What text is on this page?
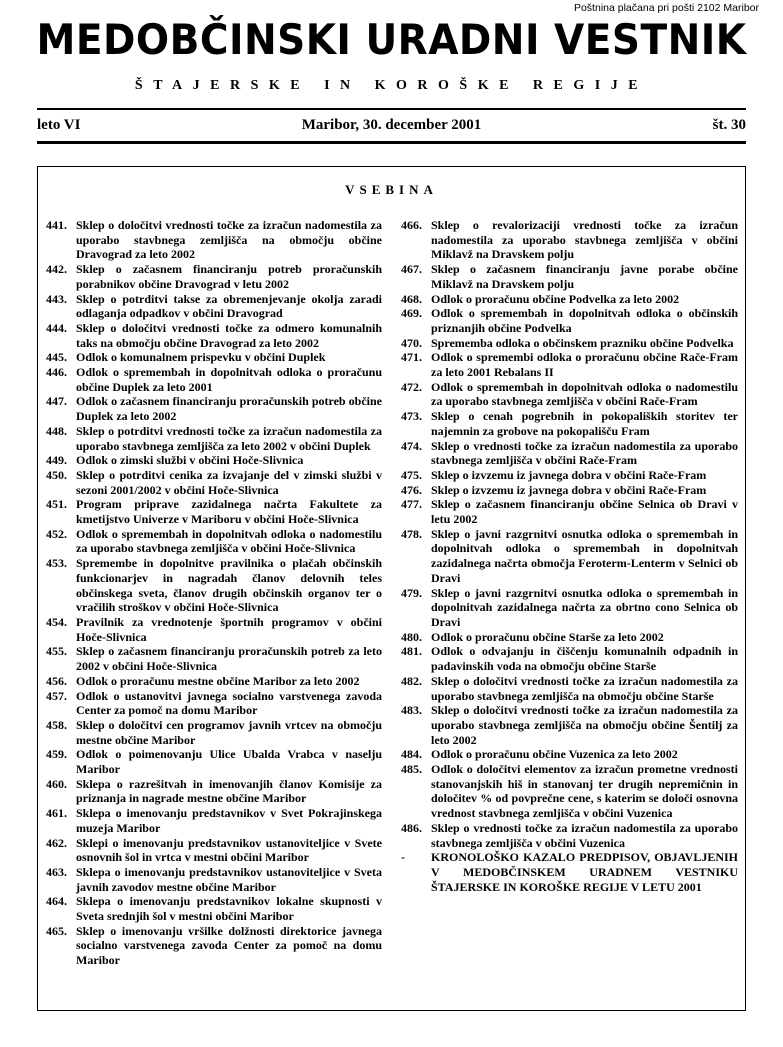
Poštnina plačana pri pošti 2102 Maribor
MEDOBČINSKI URADNI VESTNIK
ŠTAJERSKE IN KOROŠKE REGIJE
leto VI	Maribor, 30. december 2001	št. 30
VSEBINA
441. Sklep o določitvi vrednosti točke za izračun nadomestila za uporabo stavbnega zemljišča na območju občine Dravograd za leto 2002
442. Sklep o začasnem financiranju potreb proračunskih porabnikov občine Dravograd v letu 2002
443. Sklep o potrditvi takse za obremenjevanje okolja zaradi odlaganja odpadkov v občini Dravograd
444. Sklep o določitvi vrednosti točke za odmero komunalnih taks na območju občine Dravograd za leto 2002
445. Odlok o komunalnem prispevku v občini Duplek
446. Odlok o spremembah in dopolnitvah odloka o proračunu občine Duplek za leto 2001
447. Odlok o začasnem financiranju proračunskih potreb občine Duplek za leto 2002
448. Sklep o potrditvi vrednosti točke za izračun nadomestila za uporabo stavbnega zemljišča za leto 2002 v občini Duplek
449. Odlok o zimski službi v občini Hoče-Slivnica
450. Sklep o potrditvi cenika za izvajanje del v zimski službi v sezoni 2001/2002 v občini Hoče-Slivnica
451. Program priprave zazidalnega načrta Fakultete za kmetijstvo Univerze v Mariboru v občini Hoče-Slivnica
452. Odlok o spremembah in dopolnitvah odloka o nadomestilu za uporabo stavbnega zemljišča v občini Hoče-Slivnica
453. Spremembe in dopolnitve pravilnika o plačah občinskih funkcionarjev in nagradah članov delovnih teles občinskega sveta, članov drugih občinskih organov ter o vračilih stroškov v občini Hoče-Slivnica
454. Pravilnik za vrednotenje športnih programov v občini Hoče-Slivnica
455. Sklep o začasnem financiranju proračunskih potreb za leto 2002 v občini Hoče-Slivnica
456. Odlok o proračunu mestne občine Maribor za leto 2002
457. Odlok o ustanovitvi javnega socialno varstvenega zavoda Center za pomoč na domu Maribor
458. Sklep o določitvi cen programov javnih vrtcev na območju mestne občine Maribor
459. Odlok o poimenovanju Ulice Ubalda Vrabca v naselju Maribor
460. Sklepa o razrešitvah in imenovanjih članov Komisije za priznanja in nagrade mestne občine Maribor
461. Sklepa o imenovanju predstavnikov v Svet Pokrajinskega muzeja Maribor
462. Sklepi o imenovanju predstavnikov ustanoviteljice v Svete osnovnih šol in vrtca v mestni občini Maribor
463. Sklepa o imenovanju predstavnikov ustanoviteljice v Sveta javnih zavodov mestne občine Maribor
464. Sklepa o imenovanju predstavnikov lokalne skupnosti v Sveta srednjih šol v mestni občini Maribor
465. Sklep o imenovanju vršilke dolžnosti direktorice javnega socialno varstvenega zavoda Center za pomoč na domu Maribor
466. Sklep o revalorizaciji vrednosti točke za izračun nadomestila za uporabo stavbnega zemljišča v občini Miklavž na Dravskem polju
467. Sklep o začasnem financiranju javne porabe občine Miklavž na Dravskem polju
468. Odlok o proračunu občine Podvelka za leto 2002
469. Odlok o spremembah in dopolnitvah odloka o občinskih priznanjih občine Podvelka
470. Sprememba odloka o občinskem prazniku občine Podvelka
471. Odlok o spremembi odloka o proračunu občine Rače-Fram za leto 2001 Rebalans II
472. Odlok o spremembah in dopolnitvah odloka o nadomestilu za uporabo stavbnega zemljišča v občini Rače-Fram
473. Sklep o cenah pogrebnih in pokopaliških storitev ter najemnin za grobove na pokopališču Fram
474. Sklep o vrednosti točke za izračun nadomestila za uporabo stavbnega zemljišča v občini Rače-Fram
475. Sklep o izvzemu iz javnega dobra v občini Rače-Fram
476. Sklep o izvzemu iz javnega dobra v občini Rače-Fram
477. Sklep o začasnem financiranju občine Selnica ob Dravi v letu 2002
478. Sklep o javni razgrnitvi osnutka odloka o spremembah in dopolnitvah odloka o spremembah in dopolnitvah zazidalnega načrta območja Feroterm-Lenterm v Selnici ob Dravi
479. Sklep o javni razgrnitvi osnutka odloka o spremembah in dopolnitvah zazidalnega načrta za obrtno cono Selnica ob Dravi
480. Odlok o proračunu občine Starše za leto 2002
481. Odlok o odvajanju in čiščenju komunalnih odpadnih in padavinskih voda na območju občine Starše
482. Sklep o določitvi vrednosti točke za izračun nadomestila za uporabo stavbnega zemljišča na območju občine Starše
483. Sklep o določitvi vrednosti točke za izračun nadomestila za uporabo stavbnega zemljišča na območju občine Šentilj za leto 2002
484. Odlok o proračunu občine Vuzenica za leto 2002
485. Odlok o določitvi elementov za izračun prometne vrednosti stanovanjskih hiš in stanovanj ter drugih nepremičnin in določitev % od povprečne cene, s katerim se določi osnovna vrednost stavbnega zemljišča v občini Vuzenica
486. Sklep o vrednosti točke za izračun nadomestila za uporabo stavbnega zemljišča v občini Vuzenica
-	KRONOLOŠKO KAZALO PREDPISOV, OBJAVLJENIH V MEDOBČINSKEM URADNEM VESTNIKU ŠTAJERSKE IN KOROŠKE REGIJE V LETU 2001
